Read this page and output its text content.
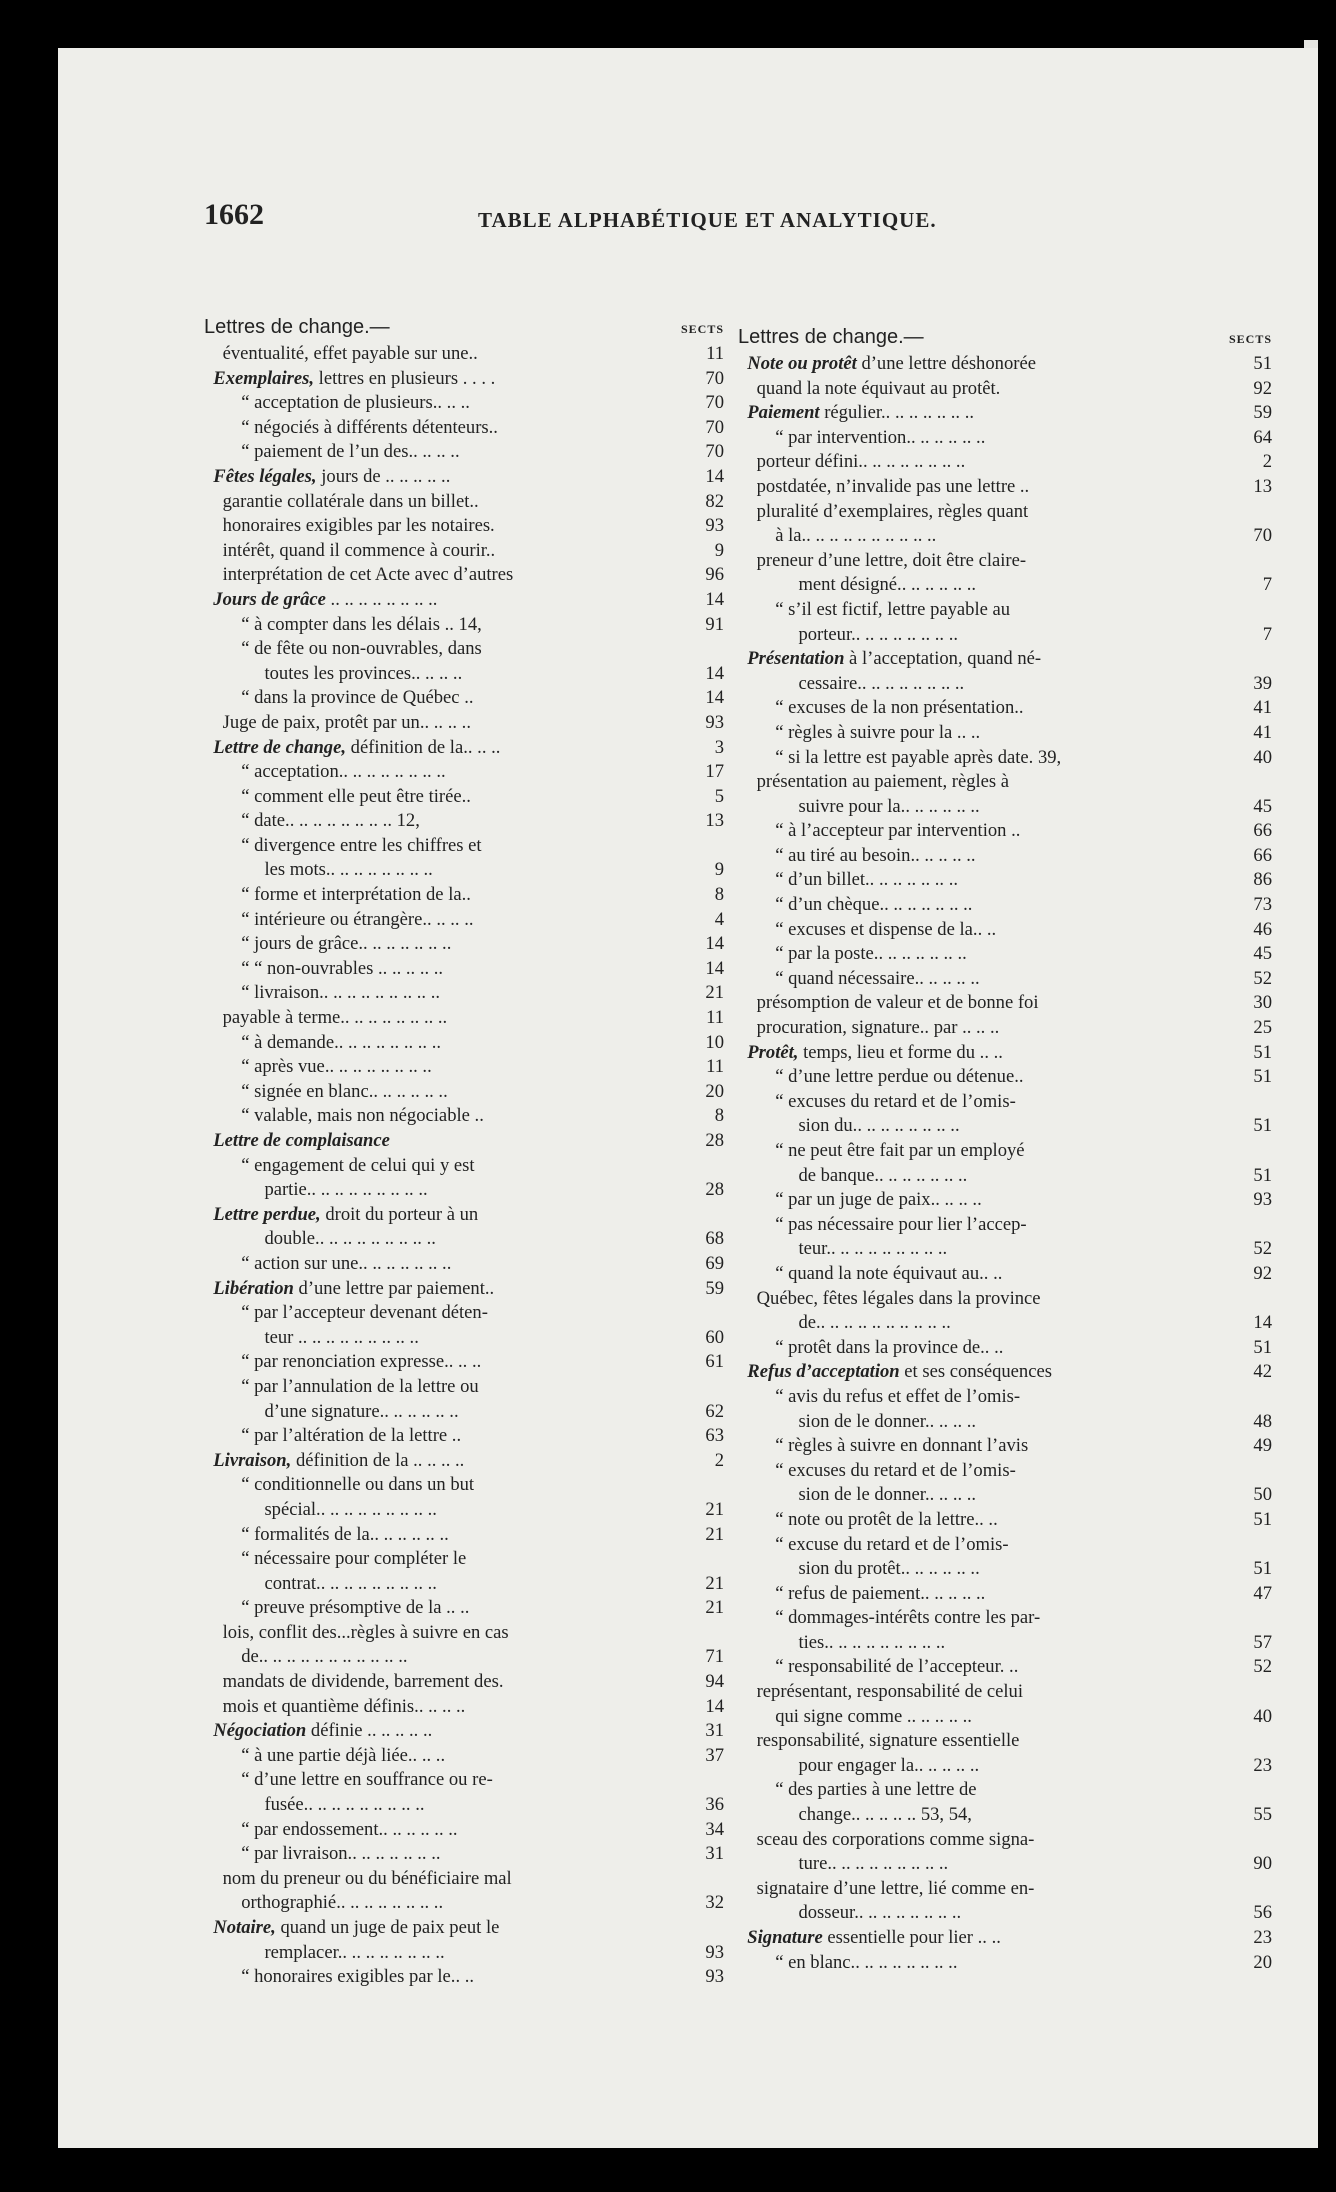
1662	TABLE ALPHABÉTIQUE ET ANALYTIQUE.
Lettres de change.—	SECTS
éventualité, effet payable sur une..	11
Exemplaires, lettres en plusieurs . . . .	70
“ acceptation de plusieurs.. .. ..	70
“ négociés à différents détenteurs..	70
“ paiement de l’un des.. .. .. ..	70
Fêtes légales, jours de .. .. .. .. ..	14
garantie collatérale dans un billet..	82
honoraires exigibles par les notaires.	93
intérêt, quand il commence à courir..	9
interprétation de cet Acte avec d’autres	96
Jours de grâce .. .. .. .. .. .. .. ..	14
“ à compter dans les délais .. 14,	91
“ de fête ou non-ouvrables, dans
toutes les provinces.. .. .. ..	14
“ dans la province de Québec ..	14
Juge de paix, protêt par un.. .. .. ..	93
Lettre de change, définition de la.. .. ..	3
“ acceptation.. .. .. .. .. .. .. ..	17
“ comment elle peut être tirée..	5
“ date.. .. .. .. .. .. .. .. 12,	13
“ divergence entre les chiffres et
les mots.. .. .. .. .. .. .. ..	9
“ forme et interprétation de la..	8
“ intérieure ou étrangère.. .. .. ..	4
“ jours de grâce.. .. .. .. .. .. ..	14
“ “ non-ouvrables .. .. .. .. ..	14
“ livraison.. .. .. .. .. .. .. .. ..	21
payable à terme.. .. .. .. .. .. .. ..	11
“ à demande.. .. .. .. .. .. .. ..	10
“ après vue.. .. .. .. .. .. .. ..	11
“ signée en blanc.. .. .. .. .. ..	20
“ valable, mais non négociable ..	8
Lettre de complaisance	28
“ engagement de celui qui y est
partie.. .. .. .. .. .. .. .. ..	28
Lettre perdue, droit du porteur à un
double.. .. .. .. .. .. .. .. ..	68
“ action sur une.. .. .. .. .. .. ..	69
Libération d’une lettre par paiement..	59
“ par l’accepteur devenant déten-
teur .. .. .. .. .. .. .. .. ..	60
“ par renonciation expresse.. .. ..	61
“ par l’annulation de la lettre ou
d’une signature.. .. .. .. .. ..	62
“ par l’altération de la lettre ..	63
Livraison, définition de la .. .. .. ..	2
“ conditionnelle ou dans un but
spécial.. .. .. .. .. .. .. .. ..	21
“ formalités de la.. .. .. .. .. ..	21
“ nécessaire pour compléter le
contrat.. .. .. .. .. .. .. .. ..	21
“ preuve présomptive de la .. ..	21
lois, conflit des...règles à suivre en cas
de.. .. .. .. .. .. .. .. .. .. ..	71
mandats de dividende, barrement des.	94
mois et quantième définis.. .. .. ..	14
Négociation définie .. .. .. .. ..	31
“ à une partie déjà liée.. .. ..	37
“ d’une lettre en souffrance ou re-
fusée.. .. .. .. .. .. .. .. ..	36
“ par endossement.. .. .. .. .. ..	34
“ par livraison.. .. .. .. .. .. ..	31
nom du preneur ou du bénéficiaire mal
orthographié.. .. .. .. .. .. .. ..	32
Notaire, quand un juge de paix peut le
remplacer.. .. .. .. .. .. .. ..	93
“ honoraires exigibles par le.. ..	93
Lettres de change.—	SECTS
Note ou protêt d’une lettre déshonorée	51
quand la note équivaut au protêt.	92
Paiement régulier.. .. .. .. .. .. ..	59
“ par intervention.. .. .. .. .. ..	64
porteur défini.. .. .. .. .. .. .. ..	2
postdatée, n’invalide pas une lettre ..	13
pluralité d’exemplaires, règles quant
à la.. .. .. .. .. .. .. .. .. ..	70
preneur d’une lettre, doit être claire-
ment désigné.. .. .. .. .. ..	7
“ s’il est fictif, lettre payable au
porteur.. .. .. .. .. .. .. ..	7
Présentation à l’acceptation, quand né-
cessaire.. .. .. .. .. .. .. ..	39
“ excuses de la non présentation..	41
“ règles à suivre pour la .. ..	41
“ si la lettre est payable après date. 39,	40
présentation au paiement, règles à
suivre pour la.. .. .. .. .. ..	45
“ à l’accepteur par intervention ..	66
“ au tiré au besoin.. .. .. .. ..	66
“ d’un billet.. .. .. .. .. .. ..	86
“ d’un chèque.. .. .. .. .. .. ..	73
“ excuses et dispense de la.. ..	46
“ par la poste.. .. .. .. .. .. ..	45
“ quand nécessaire.. .. .. .. ..	52
présomption de valeur et de bonne foi	30
procuration, signature.. par .. .. ..	25
Protêt, temps, lieu et forme du .. ..	51
“ d’une lettre perdue ou détenue..	51
“ excuses du retard et de l’omis-
sion du.. .. .. .. .. .. .. ..	51
“ ne peut être fait par un employé
de banque.. .. .. .. .. .. ..	51
“ par un juge de paix.. .. .. ..	93
“ pas nécessaire pour lier l’accep-
teur.. .. .. .. .. .. .. .. ..	52
“ quand la note équivaut au.. ..	92
Québec, fêtes légales dans la province
de.. .. .. .. .. .. .. .. .. ..	14
“ protêt dans la province de.. ..	51
Refus d’acceptation et ses conséquences	42
“ avis du refus et effet de l’omis-
sion de le donner.. .. .. ..	48
“ règles à suivre en donnant l’avis	49
“ excuses du retard et de l’omis-
sion de le donner.. .. .. ..	50
“ note ou protêt de la lettre.. ..	51
“ excuse du retard et de l’omis-
sion du protêt.. .. .. .. .. ..	51
“ refus de paiement.. .. .. .. ..	47
“ dommages-intérêts contre les par-
ties.. .. .. .. .. .. .. .. ..	57
“ responsabilité de l’accepteur. ..	52
représentant, responsabilité de celui
qui signe comme .. .. .. .. ..	40
responsabilité, signature essentielle
pour engager la.. .. .. .. ..	23
“ des parties à une lettre de
change.. .. .. .. .. 53, 54,	55
sceau des corporations comme signa-
ture.. .. .. .. .. .. .. .. ..	90
signataire d’une lettre, lié comme en-
dosseur.. .. .. .. .. .. .. ..	56
Signature essentielle pour lier .. ..	23
“ en blanc.. .. .. .. .. .. .. ..	20
